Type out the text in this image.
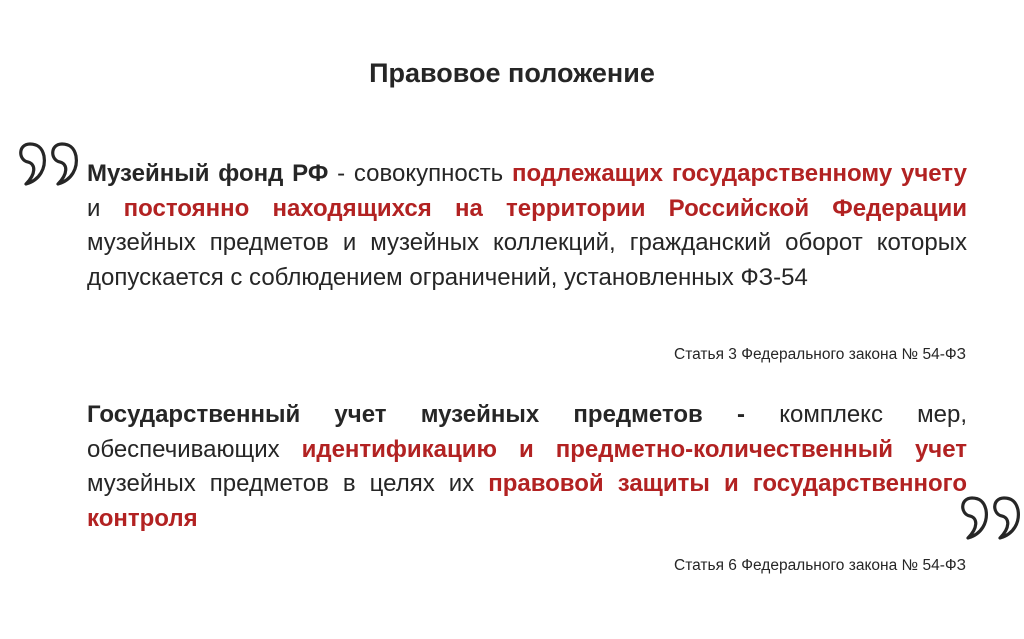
Правовое положение

Музейный фонд РФ - совокупность подлежащих государственному учету и постоянно находящихся на территории Российской Федерации музейных предметов и музейных коллекций, гражданский оборот которых допускается с соблюдением ограничений, установленных ФЗ-54

Статья 3 Федерального закона № 54-ФЗ

Государственный учет музейных предметов - комплекс мер, обеспечивающих идентификацию и предметно-количественный учет музейных предметов в целях их правовой защиты и государственного контроля

Статья 6 Федерального закона № 54-ФЗ
